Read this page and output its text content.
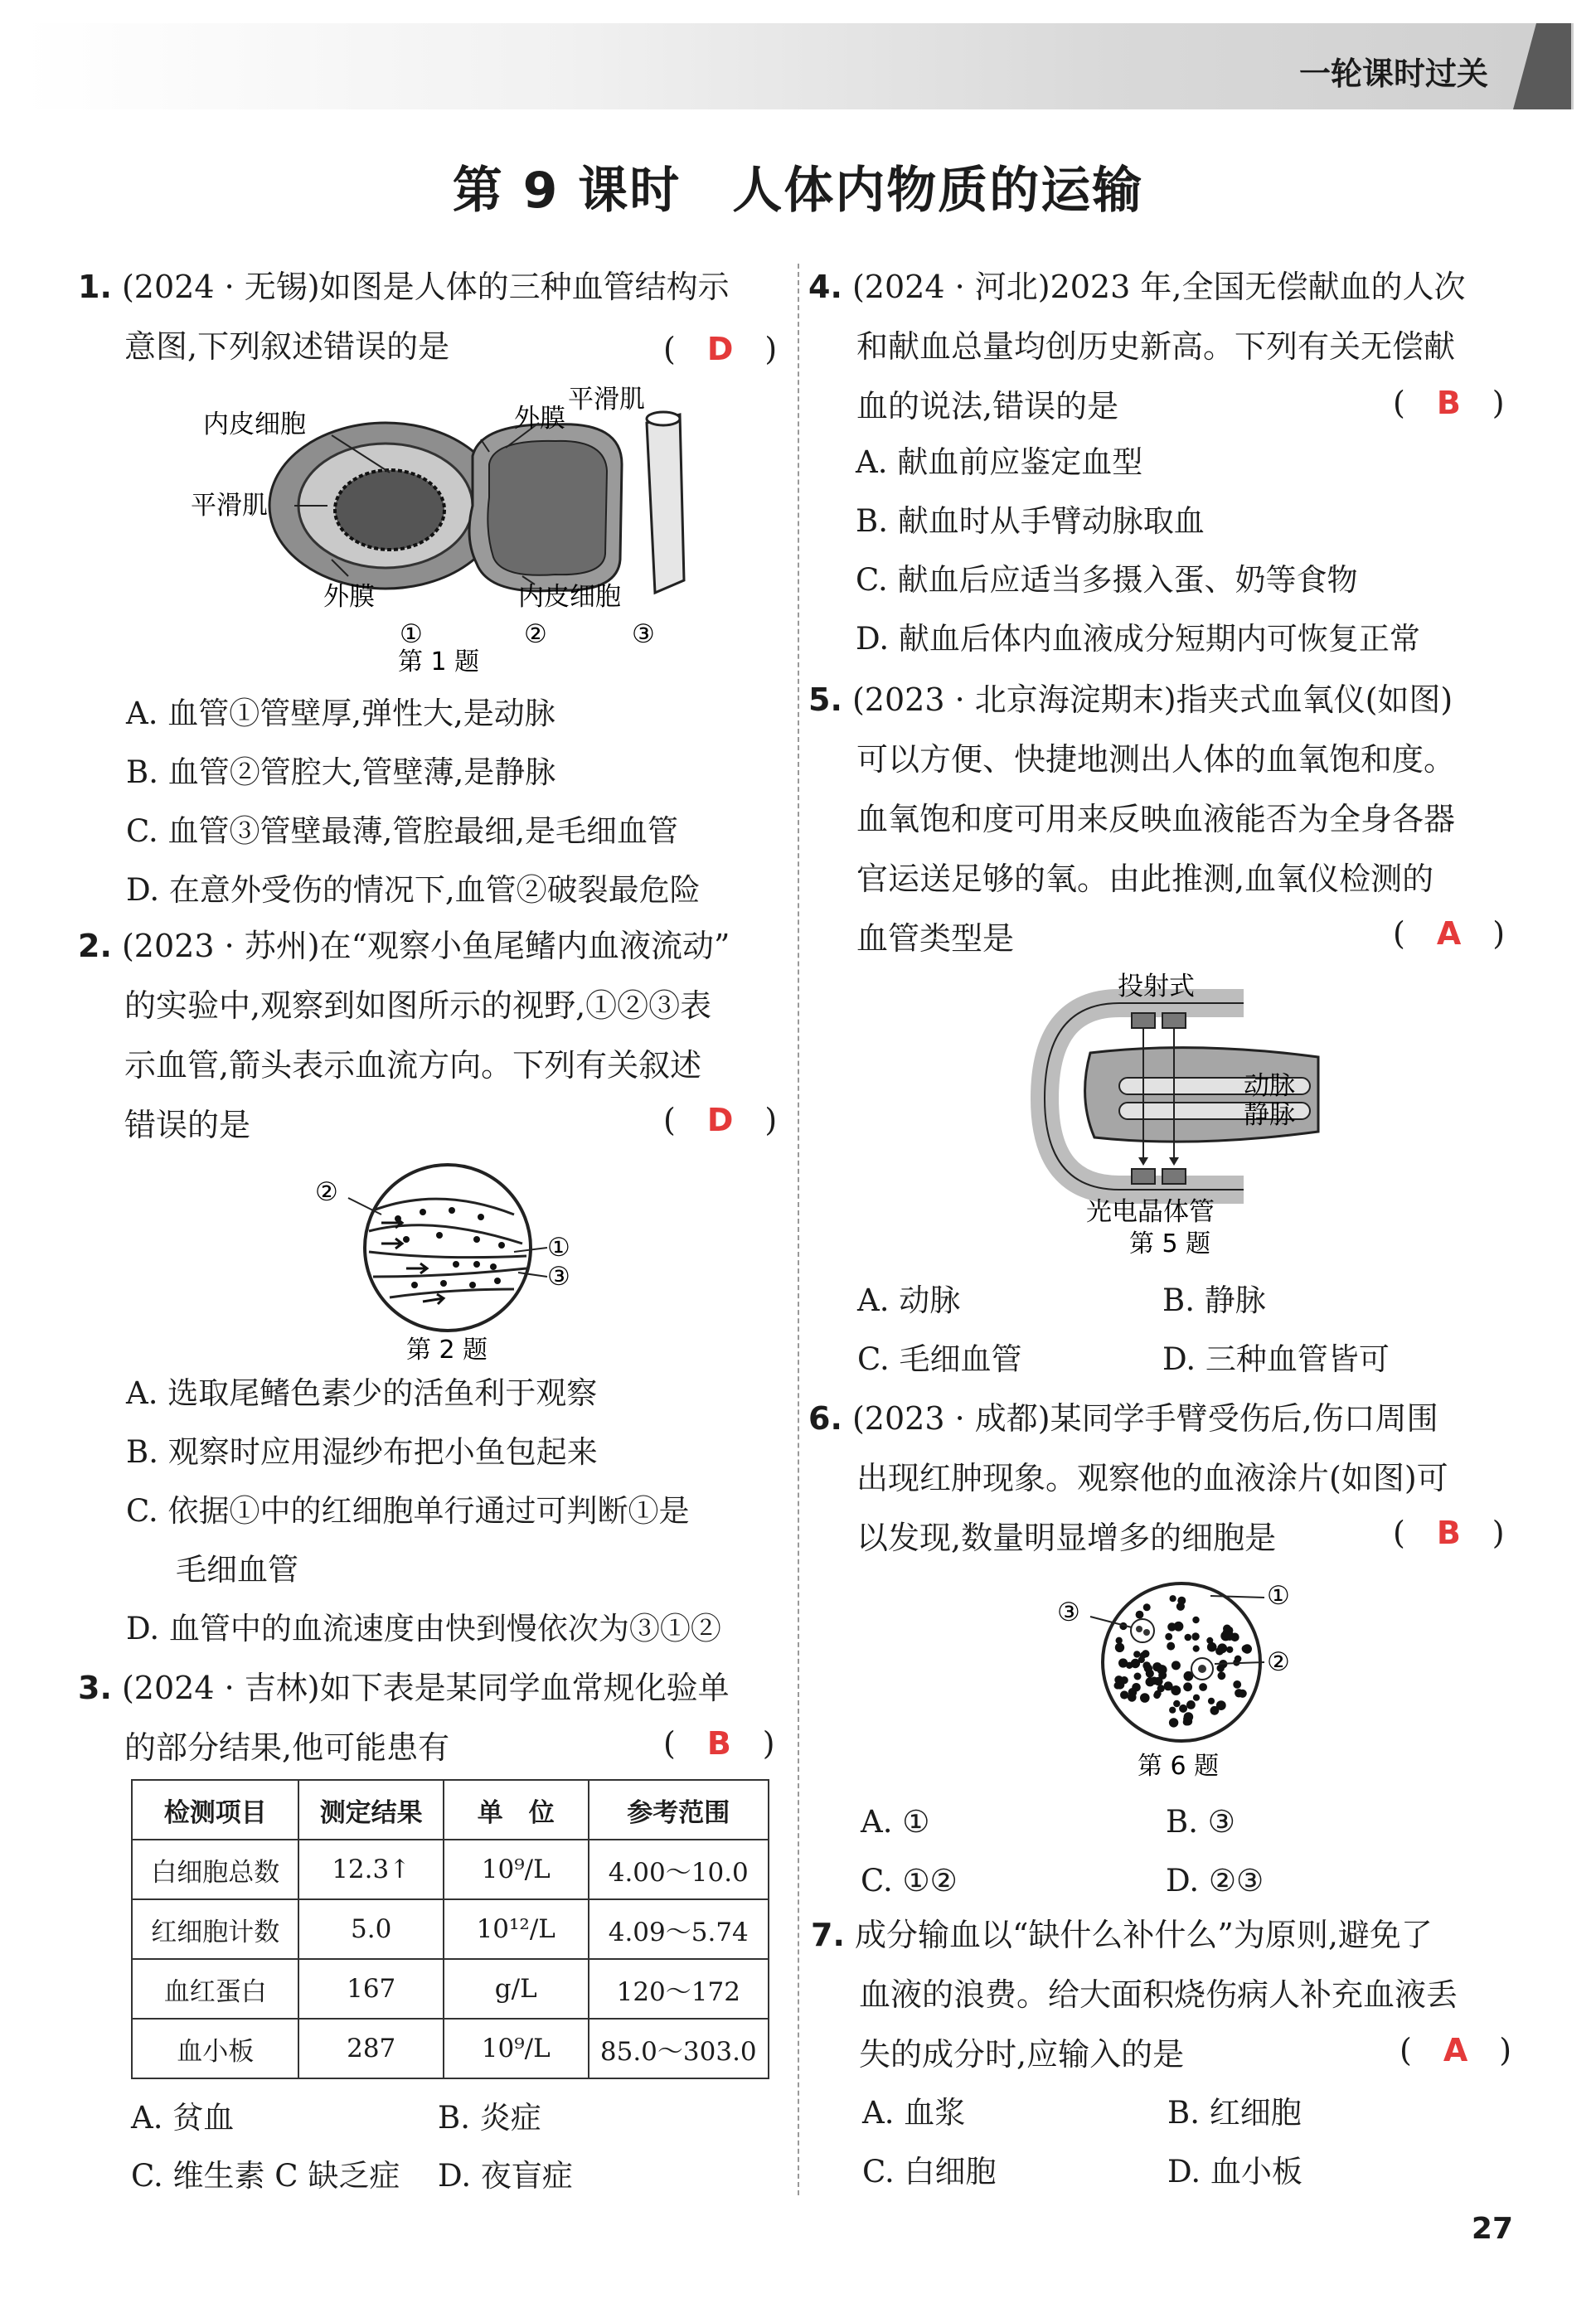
一轮课时过关
第 9 课时　人体内物质的运输
1. (2024 · 无锡)如图是人体的三种血管结构示
意图,下列叙述错误的是	(　D　)
内皮细胞	外膜
平滑肌
平滑肌
外膜	内皮细胞
①	②	③
第 1 题
A. 血管①管壁厚,弹性大,是动脉
B. 血管②管腔大,管壁薄,是静脉
C. 血管③管壁最薄,管腔最细,是毛细血管
D. 在意外受伤的情况下,血管②破裂最危险
2. (2023 · 苏州)在“观察小鱼尾鳍内血液流动”
的实验中,观察到如图所示的视野,①②③表
示血管,箭头表示血流方向。下列有关叙述
错误的是	(　D　)
②
①
③
第 2 题
A. 选取尾鳍色素少的活鱼利于观察
B. 观察时应用湿纱布把小鱼包起来
C. 依据①中的红细胞单行通过可判断①是
毛细血管
D. 血管中的血流速度由快到慢依次为③①②
3. (2024 · 吉林)如下表是某同学血常规化验单
的部分结果,他可能患有	(　B　)
检测项目	测定结果	单　位	参考范围
白细胞总数	12.3↑	10⁹/L	4.00～10.0
红细胞计数	5.0	10¹²/L	4.09～5.74
血红蛋白	167	g/L	120～172
血小板	287	10⁹/L	85.0～303.0
A. 贫血	B. 炎症
C. 维生素 C 缺乏症 D. 夜盲症
4. (2024 · 河北)2023 年,全国无偿献血的人次
和献血总量均创历史新高。下列有关无偿献
血的说法,错误的是	(　B　)
A. 献血前应鉴定血型
B. 献血时从手臂动脉取血
C. 献血后应适当多摄入蛋、奶等食物
D. 献血后体内血液成分短期内可恢复正常
5. (2023 · 北京海淀期末)指夹式血氧仪(如图)
可以方便、快捷地测出人体的血氧饱和度。
血氧饱和度可用来反映血液能否为全身各器
官运送足够的氧。由此推测,血氧仪检测的
血管类型是	(　A　)
投射式
动脉
静脉
光电晶体管
第 5 题
A. 动脉	B. 静脉
C. 毛细血管	D. 三种血管皆可
6. (2023 · 成都)某同学手臂受伤后,伤口周围
出现红肿现象。观察他的血液涂片(如图)可
以发现,数量明显增多的细胞是	(　B　)
③
①
②
第 6 题
A. ①	B. ③
C. ①②	D. ②③
7. 成分输血以“缺什么补什么”为原则,避免了
血液的浪费。给大面积烧伤病人补充血液丢
失的成分时,应输入的是	(　A　)
A. 血浆	B. 红细胞
C. 白细胞	D. 血小板
27
